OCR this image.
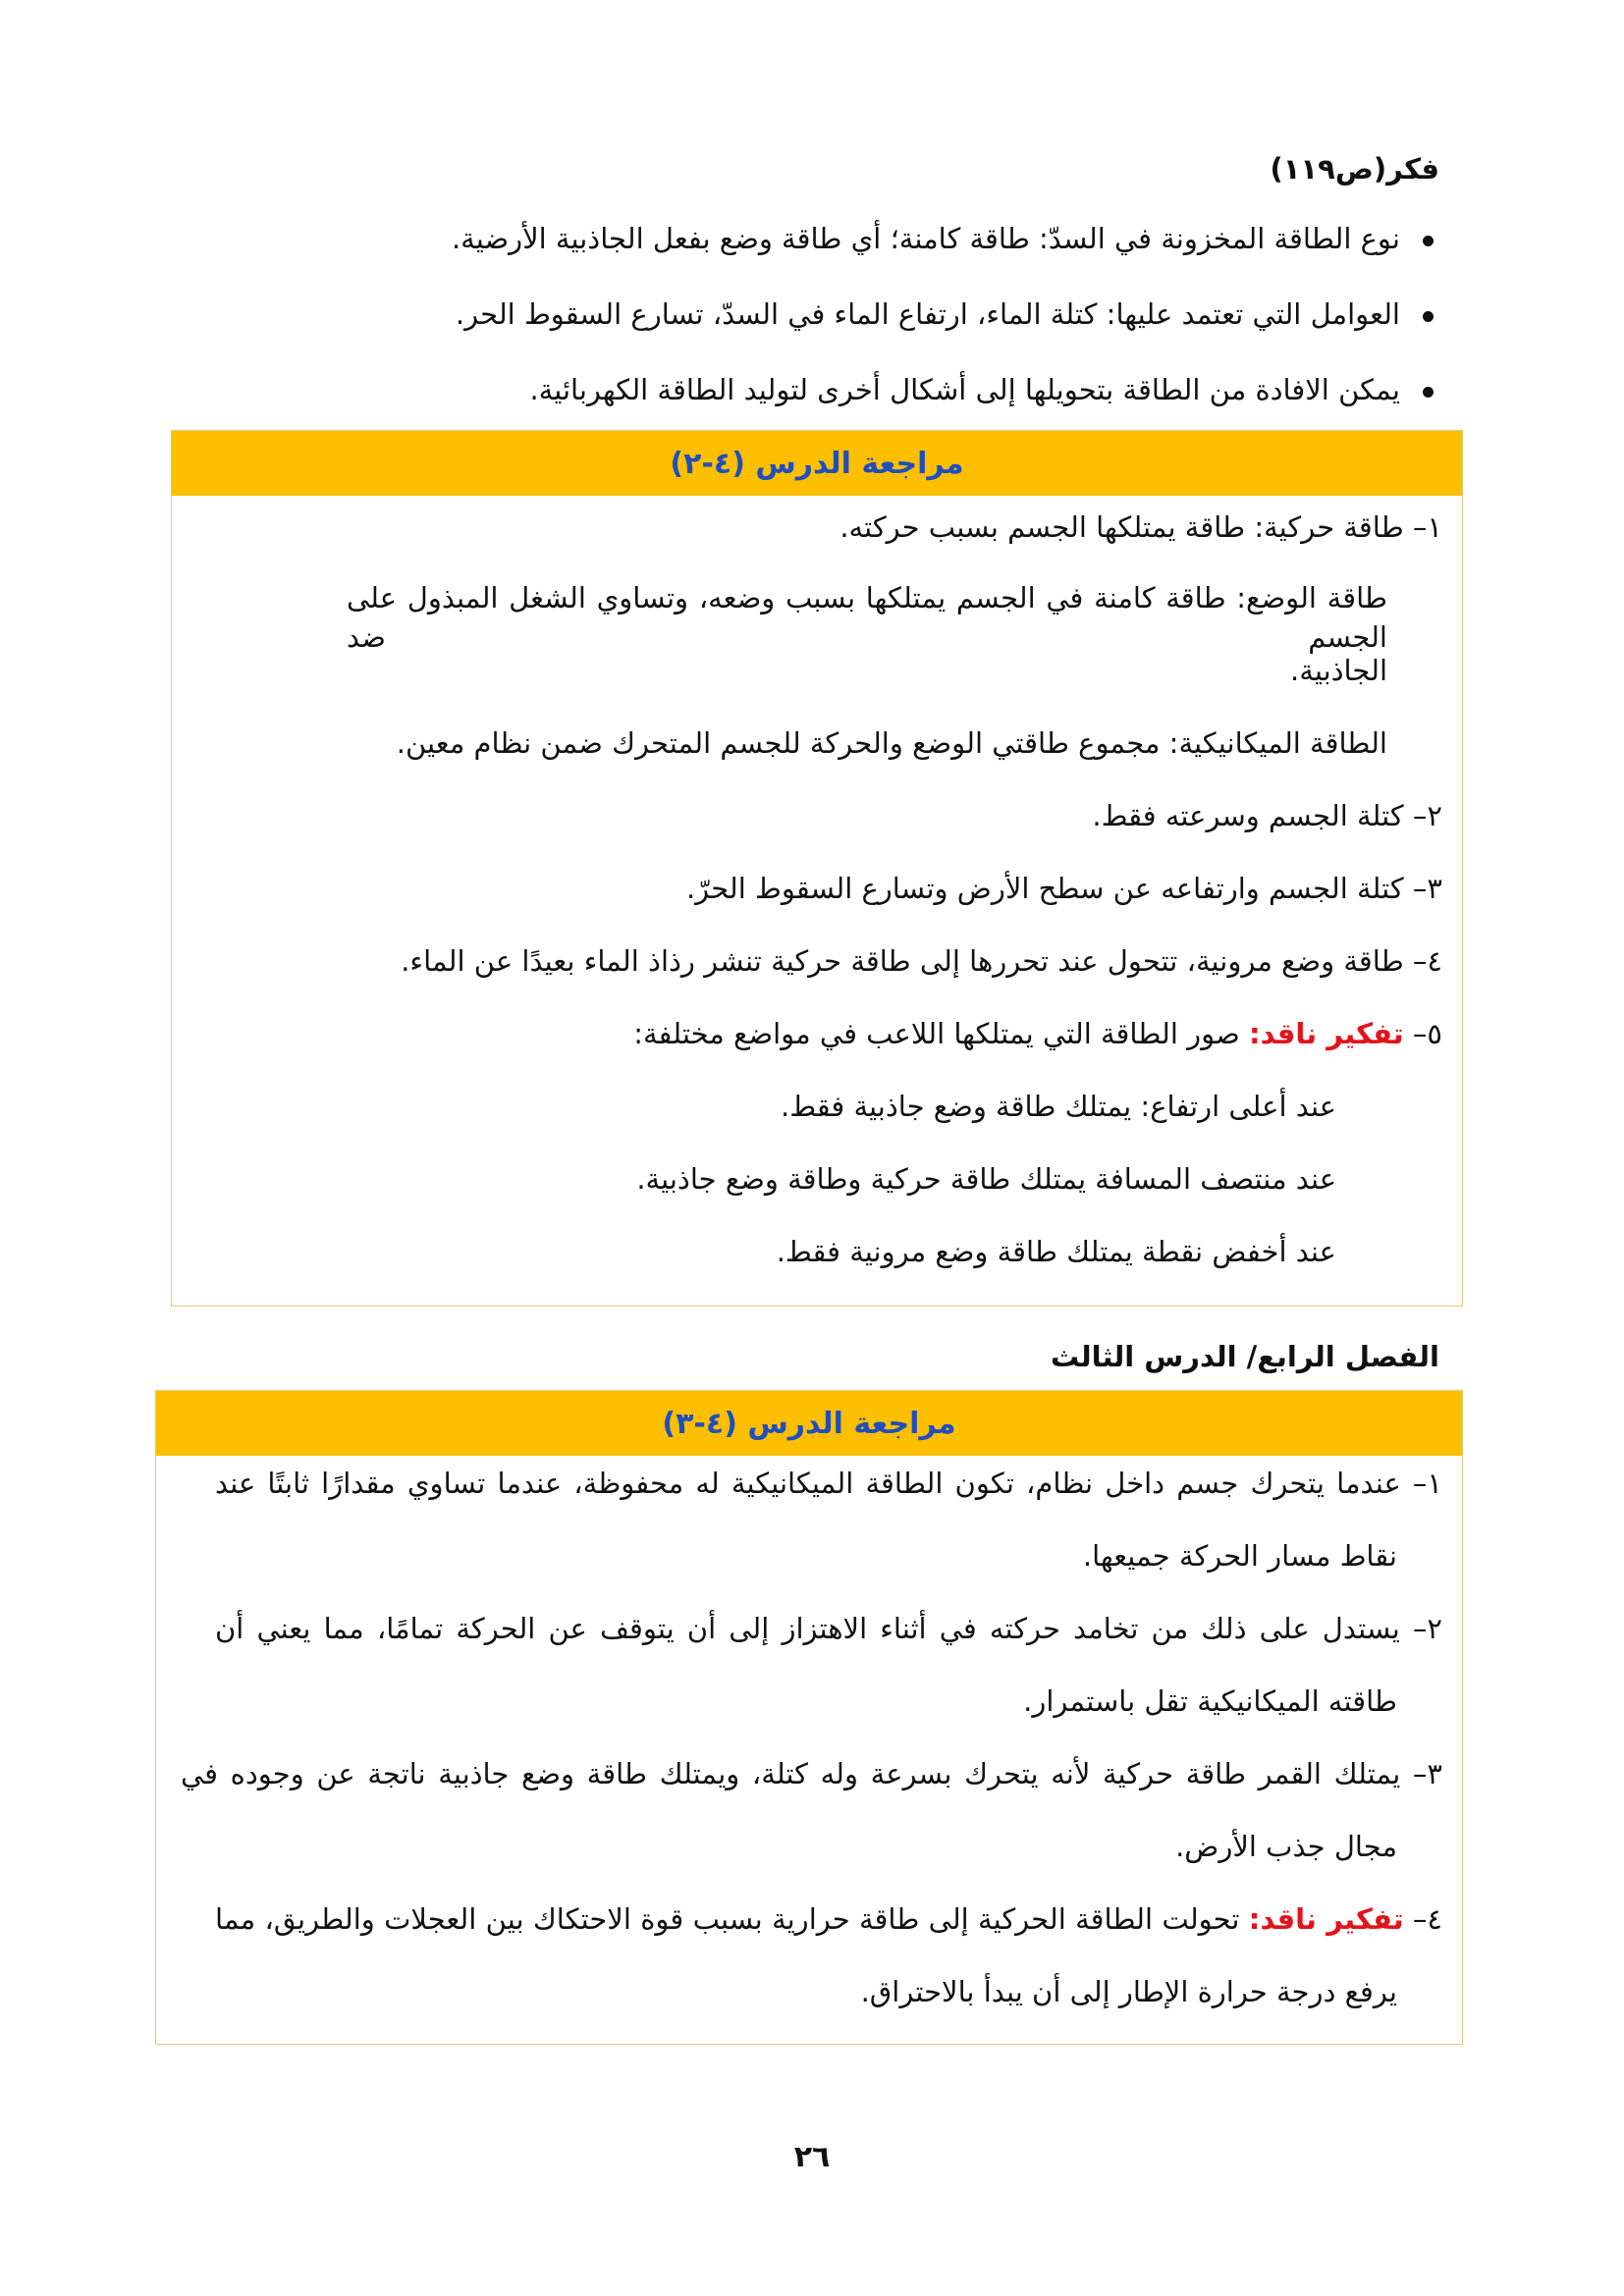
فكر(ص١١٩)
نوع الطاقة المخزونة في السدّ: طاقة كامنة؛ أي طاقة وضع بفعل الجاذبية الأرضية.
العوامل التي تعتمد عليها: كتلة الماء، ارتفاع الماء في السدّ، تسارع السقوط الحر.
يمكن الافادة من الطاقة بتحويلها إلى أشكال أخرى لتوليد الطاقة الكهربائية.
مراجعة الدرس (٤-٢)
١– طاقة حركية: طاقة يمتلكها الجسم بسبب حركته.
طاقة الوضع: طاقة كامنة في الجسم يمتلكها بسبب وضعه، وتساوي الشغل المبذول على الجسم ضد
الجاذبية.
الطاقة الميكانيكية: مجموع طاقتي الوضع والحركة للجسم المتحرك ضمن نظام معين.
٢– كتلة الجسم وسرعته فقط.
٣– كتلة الجسم وارتفاعه عن سطح الأرض وتسارع السقوط الحرّ.
٤– طاقة وضع مرونية، تتحول عند تحررها إلى طاقة حركية تنشر رذاذ الماء بعيدًا عن الماء.
٥– تفكير ناقد: صور الطاقة التي يمتلكها اللاعب في مواضع مختلفة:
عند أعلى ارتفاع: يمتلك طاقة وضع جاذبية فقط.
عند منتصف المسافة يمتلك طاقة حركية وطاقة وضع جاذبية.
عند أخفض نقطة يمتلك طاقة وضع مرونية فقط.
الفصل الرابع/ الدرس الثالث
مراجعة الدرس (٤-٣)
١– عندما يتحرك جسم داخل نظام، تكون الطاقة الميكانيكية له محفوظة، عندما تساوي مقدارًا ثابتًا عند
نقاط مسار الحركة جميعها.
٢– يستدل على ذلك من تخامد حركته في أثناء الاهتزاز إلى أن يتوقف عن الحركة تمامًا، مما يعني أن
طاقته الميكانيكية تقل باستمرار.
٣– يمتلك القمر طاقة حركية لأنه يتحرك بسرعة وله كتلة، ويمتلك طاقة وضع جاذبية ناتجة عن وجوده في
مجال جذب الأرض.
٤– تفكير ناقد: تحولت الطاقة الحركية إلى طاقة حرارية بسبب قوة الاحتكاك بين العجلات والطريق، مما
يرفع درجة حرارة الإطار إلى أن يبدأ بالاحتراق.
٢٦
